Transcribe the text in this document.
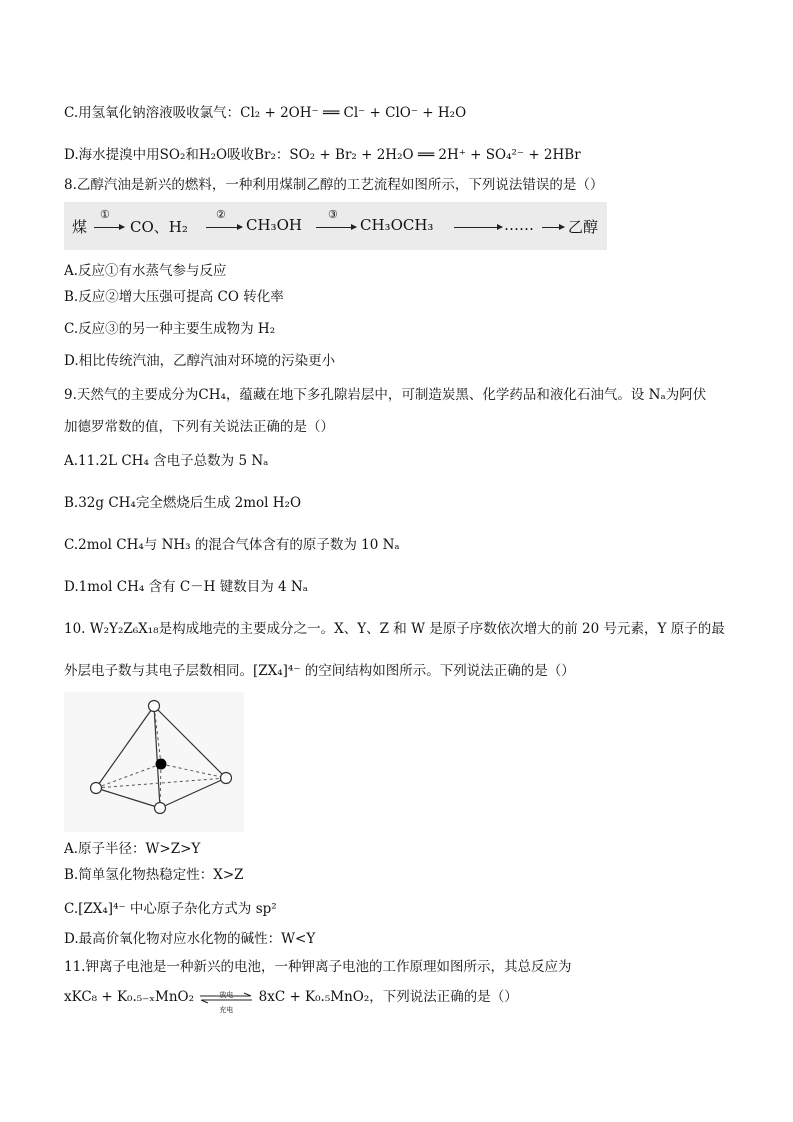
C.用氢氧化钠溶液吸收氯气：Cl₂ + 2OH⁻ ══ Cl⁻ + ClO⁻ + H₂O
D.海水提溴中用SO₂和H₂O吸收Br₂：SO₂ + Br₂ + 2H₂O ══ 2H⁺ + SO₄²⁻ + 2HBr
8.乙醇汽油是新兴的燃料，一种利用煤制乙醇的工艺流程如图所示，下列说法错误的是（）
煤
①
CO、H₂
②
CH₃OH
③
CH₃OCH₃	…… 乙醇
A.反应①有水蒸气参与反应
B.反应②增大压强可提高 CO 转化率
C.反应③的另一种主要生成物为 H₂
D.相比传统汽油，乙醇汽油对环境的污染更小
9.天然气的主要成分为CH₄，蕴藏在地下多孔隙岩层中，可制造炭黑、化学药品和液化石油气。设 Nₐ为阿伏
加德罗常数的值，下列有关说法正确的是（）
A.11.2L CH₄ 含电子总数为 5 Nₐ
B.32g CH₄完全燃烧后生成 2mol H₂O
C.2mol CH₄与 NH₃ 的混合气体含有的原子数为 10 Nₐ
D.1mol CH₄ 含有 C－H 键数目为 4 Nₐ
10. W₂Y₂Z₆X₁₈是构成地壳的主要成分之一。X、Y、Z 和 W 是原子序数依次增大的前 20 号元素，Y 原子的最
外层电子数与其电子层数相同。[ZX₄]⁴⁻ 的空间结构如图所示。下列说法正确的是（）
A.原子半径：W>Z>Y
B.简单氢化物热稳定性：X>Z
C.[ZX₄]⁴⁻ 中心原子杂化方式为 sp²
D.最高价氧化物对应水化物的碱性：W<Y
11.钾离子电池是一种新兴的电池，一种钾离子电池的工作原理如图所示，其总反应为
xKC₈ + K₀.₅₋ₓMnO₂	放电
充电
8xC + K₀.₅MnO₂，下列说法正确的是（）
